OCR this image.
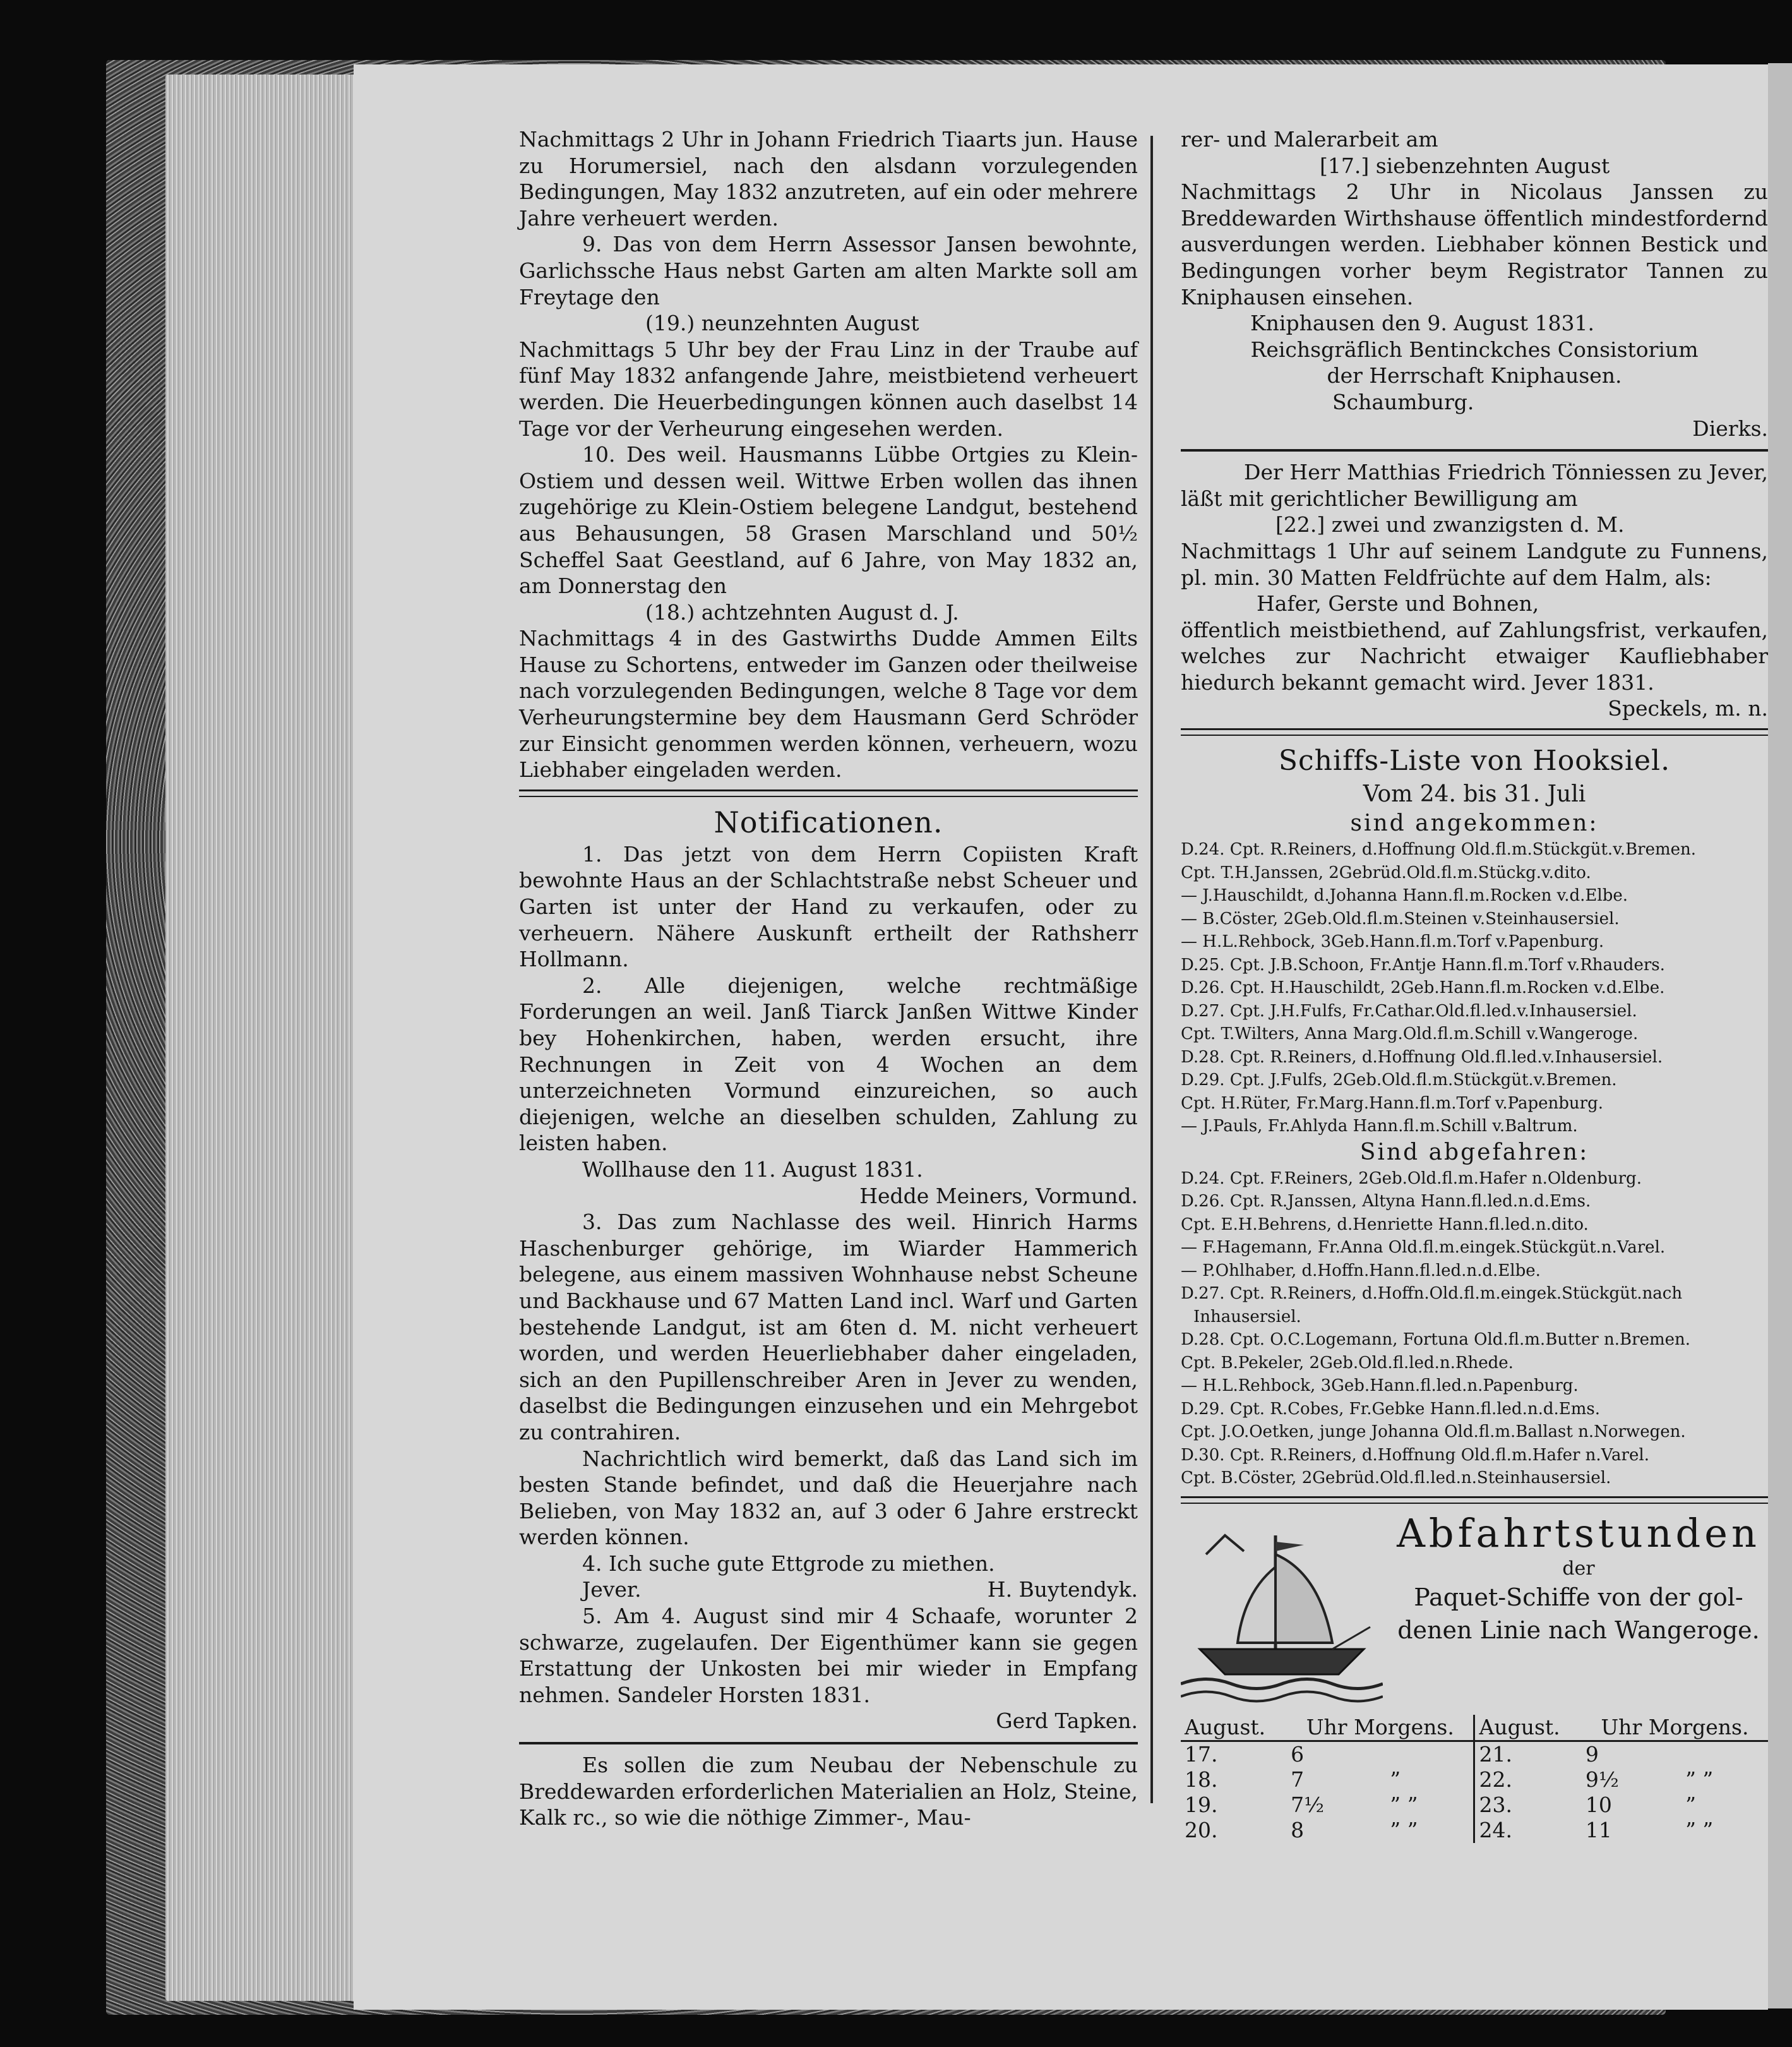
Nachmittags 2 Uhr in Johann Friedrich Tiaarts jun. Hause zu Horumersiel, nach den alsdann vorzulegenden Bedingungen, May 1832 anzutreten, auf ein oder mehrere Jahre verheuert werden.

9. Das von dem Herrn Assessor Jansen bewohnte, Garlichssche Haus nebst Garten am alten Markte soll am Freytage den

(19.) neunzehnten August

Nachmittags 5 Uhr bey der Frau Linz in der Traube auf fünf May 1832 anfangende Jahre, meistbietend verheuert werden. Die Heuerbedingungen können auch daselbst 14 Tage vor der Verheurung eingesehen werden.

10. Des weil. Hausmanns Lübbe Ortgies zu Klein-Ostiem und dessen weil. Wittwe Erben wollen das ihnen zugehörige zu Klein-Ostiem belegene Landgut, bestehend aus Behausungen, 58 Grasen Marschland und 50½ Scheffel Saat Geestland, auf 6 Jahre, von May 1832 an, am Donnerstag den

(18.) achtzehnten August d. J.

Nachmittags 4 in des Gastwirths Dudde Ammen Eilts Hause zu Schortens, entweder im Ganzen oder theilweise nach vorzulegenden Bedingungen, welche 8 Tage vor dem Verheurungstermine bey dem Hausmann Gerd Schröder zur Einsicht genommen werden können, verheuern, wozu Liebhaber eingeladen werden.

Notificationen.

1. Das jetzt von dem Herrn Copiisten Kraft bewohnte Haus an der Schlachtstraße nebst Scheuer und Garten ist unter der Hand zu verkaufen, oder zu verheuern. Nähere Auskunft ertheilt der Rathsherr Hollmann.

2. Alle diejenigen, welche rechtmäßige Forderungen an weil. Janß Tiarck Janßen Wittwe Kinder bey Hohenkirchen, haben, werden ersucht, ihre Rechnungen in Zeit von 4 Wochen an dem unterzeichneten Vormund einzureichen, so auch diejenigen, welche an dieselben schulden, Zahlung zu leisten haben.

Wollhause den 11. August 1831.

Hedde Meiners, Vormund.

3. Das zum Nachlasse des weil. Hinrich Harms Haschenburger gehörige, im Wiarder Hammerich belegene, aus einem massiven Wohnhause nebst Scheune und Backhause und 67 Matten Land incl. Warf und Garten bestehende Landgut, ist am 6ten d. M. nicht verheuert worden, und werden Heuerliebhaber daher eingeladen, sich an den Pupillenschreiber Aren in Jever zu wenden, daselbst die Bedingungen einzusehen und ein Mehrgebot zu contrahiren.

Nachrichtlich wird bemerkt, daß das Land sich im besten Stande befindet, und daß die Heuerjahre nach Belieben, von May 1832 an, auf 3 oder 6 Jahre erstreckt werden können.

4. Ich suche gute Ettgrode zu miethen.

Jever.	H. Buytendyk.

5. Am 4. August sind mir 4 Schaafe, worunter 2 schwarze, zugelaufen. Der Eigenthümer kann sie gegen Erstattung der Unkosten bei mir wieder in Empfang nehmen. Sandeler Horsten 1831.

Gerd Tapken.

Es sollen die zum Neubau der Nebenschule zu Breddewarden erforderlichen Materialien an Holz, Steine, Kalk rc., so wie die nöthige Zimmer-, Mau-

rer- und Malerarbeit am

[17.] siebenzehnten August

Nachmittags 2 Uhr in Nicolaus Janssen zu Breddewarden Wirthshause öffentlich mindestfordernd ausverdungen werden. Liebhaber können Bestick und Bedingungen vorher beym Registrator Tannen zu Kniphausen einsehen.

Kniphausen den 9. August 1831.

Reichsgräflich Bentinckches Consistorium

der Herrschaft Kniphausen.

Schaumburg.

Dierks.

Der Herr Matthias Friedrich Tönniessen zu Jever, läßt mit gerichtlicher Bewilligung am

[22.] zwei und zwanzigsten d. M.

Nachmittags 1 Uhr auf seinem Landgute zu Funnens, pl. min. 30 Matten Feldfrüchte auf dem Halm, als:

Hafer, Gerste und Bohnen,

öffentlich meistbiethend, auf Zahlungsfrist, verkaufen, welches zur Nachricht etwaiger Kaufliebhaber hiedurch bekannt gemacht wird. Jever 1831.

Speckels, m. n.

Schiffs-Liste von Hooksiel.
Vom 24. bis 31. Juli
sind angekommen:
D.24. Cpt. R.Reiners, d.Hoffnung Old.fl.m.Stückgüt.v.Bremen.
Cpt. T.H.Janssen, 2Gebrüd.Old.fl.m.Stückg.v.dito.
— J.Hauschildt, d.Johanna Hann.fl.m.Rocken v.d.Elbe.
— B.Cöster, 2Geb.Old.fl.m.Steinen v.Steinhausersiel.
— H.L.Rehbock, 3Geb.Hann.fl.m.Torf v.Papenburg.
D.25. Cpt. J.B.Schoon, Fr.Antje Hann.fl.m.Torf v.Rhauders.
D.26. Cpt. H.Hauschildt, 2Geb.Hann.fl.m.Rocken v.d.Elbe.
D.27. Cpt. J.H.Fulfs, Fr.Cathar.Old.fl.led.v.Inhausersiel.
Cpt. T.Wilters, Anna Marg.Old.fl.m.Schill v.Wangeroge.
D.28. Cpt. R.Reiners, d.Hoffnung Old.fl.led.v.Inhausersiel.
D.29. Cpt. J.Fulfs, 2Geb.Old.fl.m.Stückgüt.v.Bremen.
Cpt. H.Rüter, Fr.Marg.Hann.fl.m.Torf v.Papenburg.
— J.Pauls, Fr.Ahlyda Hann.fl.m.Schill v.Baltrum.
Sind abgefahren:
D.24. Cpt. F.Reiners, 2Geb.Old.fl.m.Hafer n.Oldenburg.
D.26. Cpt. R.Janssen, Altyna Hann.fl.led.n.d.Ems.
Cpt. E.H.Behrens, d.Henriette Hann.fl.led.n.dito.
— F.Hagemann, Fr.Anna Old.fl.m.eingek.Stückgüt.n.Varel.
— P.Ohlhaber, d.Hoffn.Hann.fl.led.n.d.Elbe.
D.27. Cpt. R.Reiners, d.Hoffn.Old.fl.m.eingek.Stückgüt.nach
Inhausersiel.
D.28. Cpt. O.C.Logemann, Fortuna Old.fl.m.Butter n.Bremen.
Cpt. B.Pekeler, 2Geb.Old.fl.led.n.Rhede.
— H.L.Rehbock, 3Geb.Hann.fl.led.n.Papenburg.
D.29. Cpt. R.Cobes, Fr.Gebke Hann.fl.led.n.d.Ems.
Cpt. J.O.Oetken, junge Johanna Old.fl.m.Ballast n.Norwegen.
D.30. Cpt. R.Reiners, d.Hoffnung Old.fl.m.Hafer n.Varel.
Cpt. B.Cöster, 2Gebrüd.Old.fl.led.n.Steinhausersiel.
Abfahrtstunden
der

Paquet-Schiffe von der gol-

denen Linie nach Wangeroge.

August.	Uhr Morgens.		August.	Uhr Morgens.	
17.	6		21.	9	
18.	7	”	22.	9½	” ”
19.	7½	” ”	23.	10	”
20.	8	” ”	24.	11	” ”
